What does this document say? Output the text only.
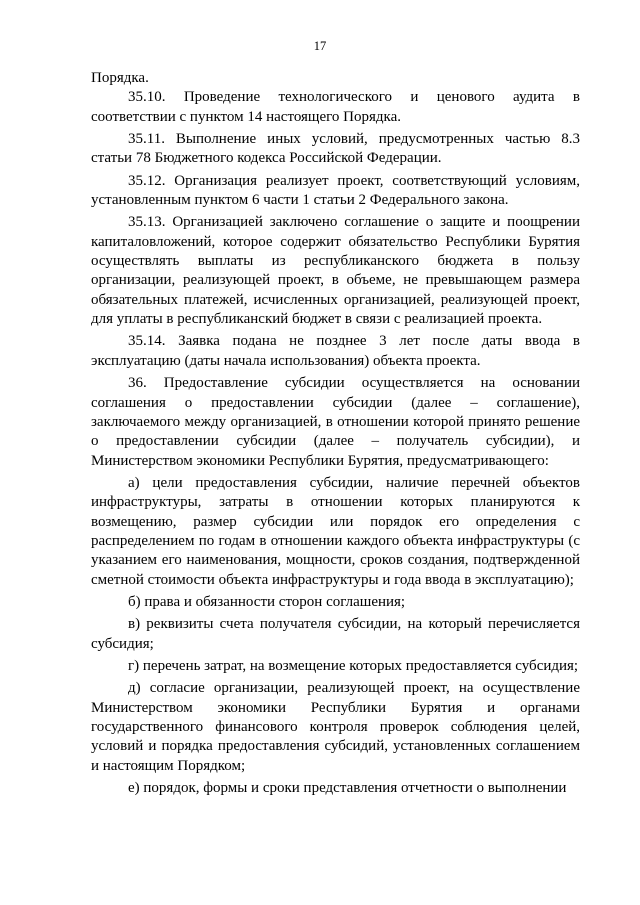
17

Порядка.

35.10. Проведение технологического и ценового аудита в соответствии с пунктом 14 настоящего Порядка.

35.11. Выполнение иных условий, предусмотренных частью 8.3 статьи 78 Бюджетного кодекса Российской Федерации.

35.12. Организация реализует проект, соответствующий условиям, установленным пунктом 6 части 1 статьи 2 Федерального закона.

35.13. Организацией заключено соглашение о защите и поощрении капиталовложений, которое содержит обязательство Республики Бурятия осуществлять выплаты из республиканского бюджета в пользу организации, реализующей проект, в объеме, не превышающем размера обязательных платежей, исчисленных организацией, реализующей проект, для уплаты в республиканский бюджет в связи с реализацией проекта.

35.14. Заявка подана не позднее 3 лет после даты ввода в эксплуатацию (даты начала использования) объекта проекта.

36. Предоставление субсидии осуществляется на основании соглашения о предоставлении субсидии (далее – соглашение), заключаемого между организацией, в отношении которой принято решение о предоставлении субсидии (далее – получатель субсидии), и Министерством экономики Республики Бурятия, предусматривающего:

а) цели предоставления субсидии, наличие перечней объектов инфраструктуры, затраты в отношении которых планируются к возмещению, размер субсидии или порядок его определения с распределением по годам в отношении каждого объекта инфраструктуры (с указанием его наименования, мощности, сроков создания, подтвержденной сметной стоимости объекта инфраструктуры и года ввода в эксплуатацию);

б) права и обязанности сторон соглашения;

в) реквизиты счета получателя субсидии, на который перечисляется субсидия;

г) перечень затрат, на возмещение которых предоставляется субсидия;

д) согласие организации, реализующей проект, на осуществление Министерством экономики Республики Бурятия и органами государственного финансового контроля проверок соблюдения целей, условий и порядка предоставления субсидий, установленных соглашением и настоящим Порядком;

е) порядок, формы и сроки представления отчетности о выполнении
